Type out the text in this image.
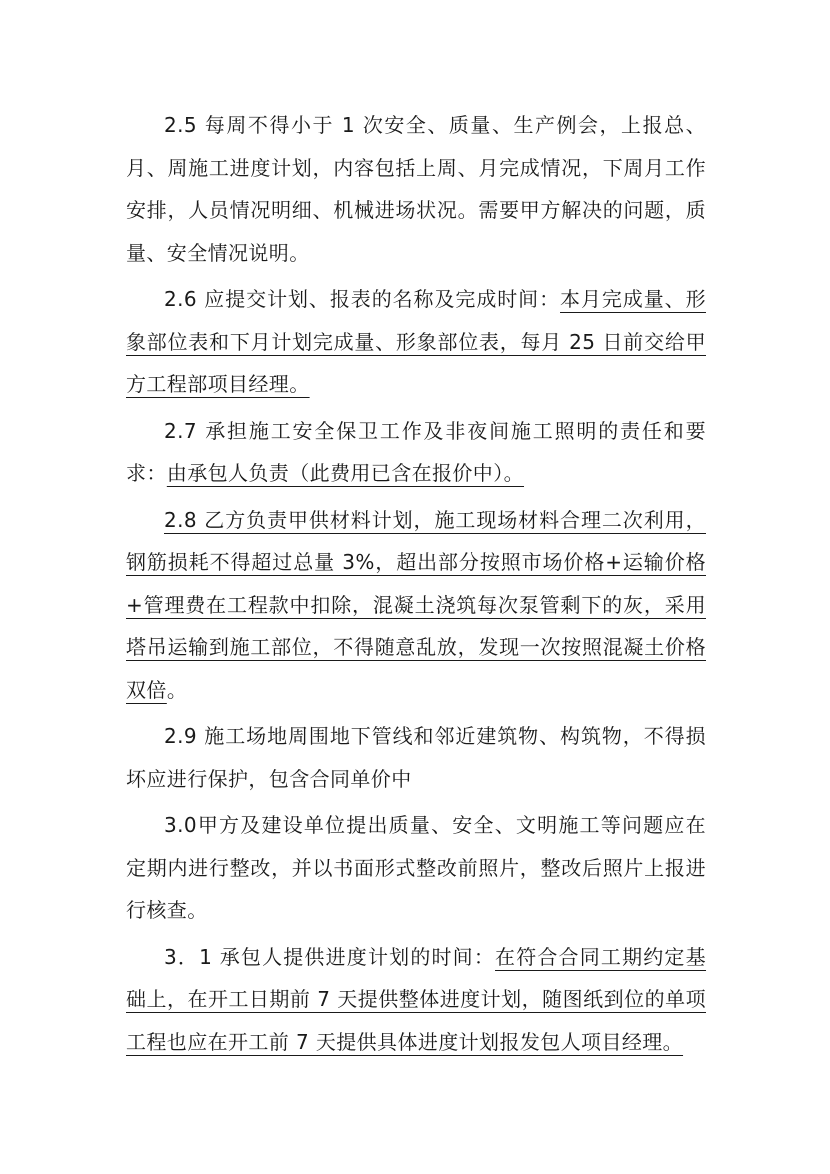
2.5 每周不得小于 1 次安全、质量、生产例会，上报总、月、周施工进度计划，内容包括上周、月完成情况，下周月工作安排，人员情况明细、机械进场状况。需要甲方解决的问题，质量、安全情况说明。

2.6 应提交计划、报表的名称及完成时间：本月完成量、形象部位表和下月计划完成量、形象部位表，每月 25 日前交给甲方工程部项目经理。

2.7 承担施工安全保卫工作及非夜间施工照明的责任和要求：由承包人负责（此费用已含在报价中）。

2.8 乙方负责甲供材料计划，施工现场材料合理二次利用，钢筋损耗不得超过总量 3%，超出部分按照市场价格+运输价格+管理费在工程款中扣除，混凝土浇筑每次泵管剩下的灰，采用塔吊运输到施工部位，不得随意乱放，发现一次按照混凝土价格双倍。

2.9 施工场地周围地下管线和邻近建筑物、构筑物，不得损坏应进行保护，包含合同单价中

3.0甲方及建设单位提出质量、安全、文明施工等问题应在定期内进行整改，并以书面形式整改前照片，整改后照片上报进行核查。

3．1 承包人提供进度计划的时间：在符合合同工期约定基础上，在开工日期前 7 天提供整体进度计划，随图纸到位的单项工程也应在开工前 7 天提供具体进度计划报发包人项目经理。
